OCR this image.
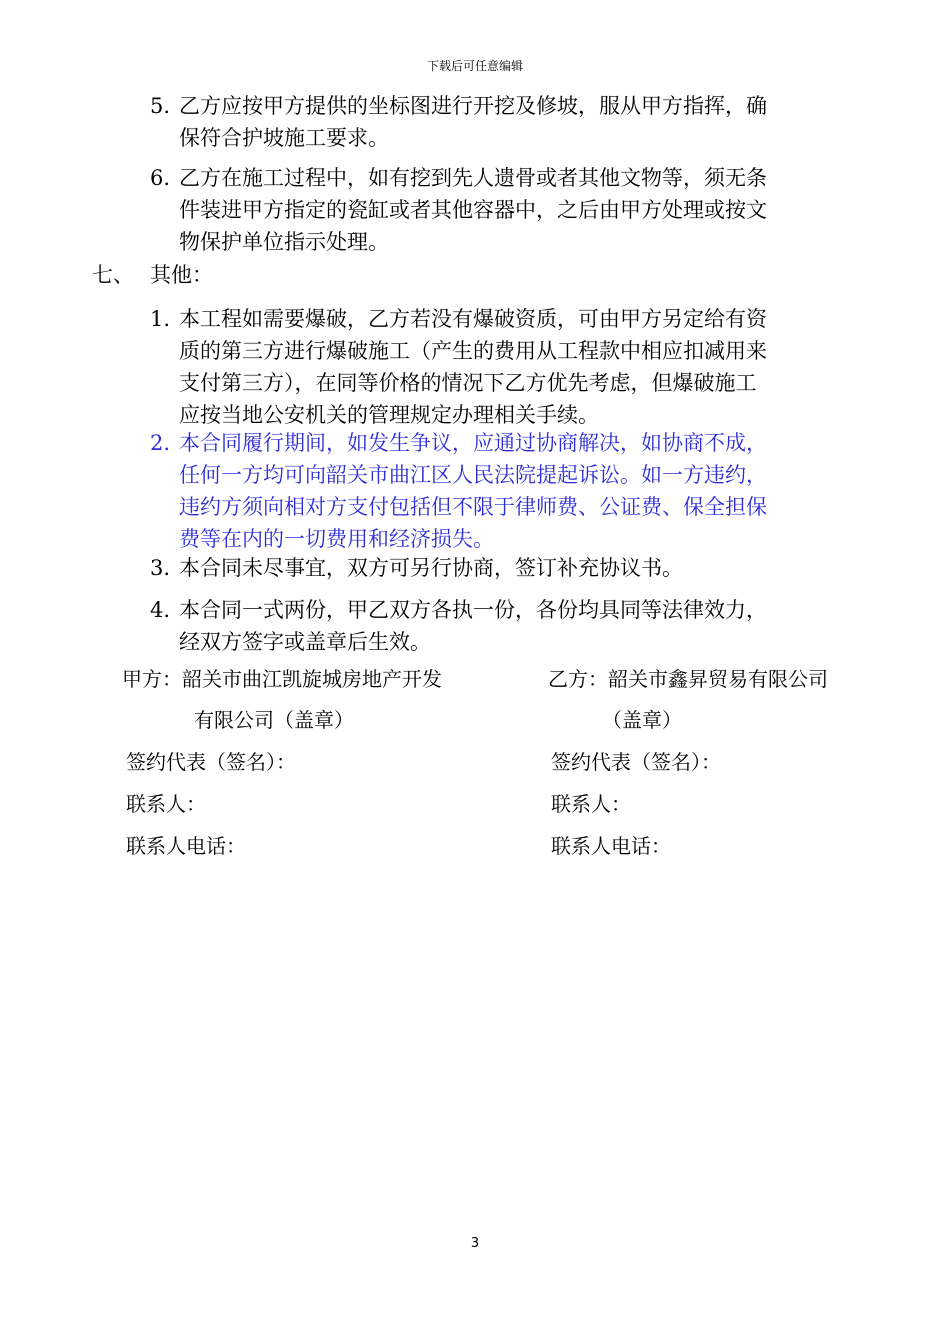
下载后可任意编辑
5. 乙方应按甲方提供的坐标图进行开挖及修坡，服从甲方指挥，确
保符合护坡施工要求。
6. 乙方在施工过程中，如有挖到先人遗骨或者其他文物等，须无条
件装进甲方指定的瓷缸或者其他容器中，之后由甲方处理或按文
物保护单位指示处理。
七、 其他：
1. 本工程如需要爆破，乙方若没有爆破资质，可由甲方另定给有资
质的第三方进行爆破施工（产生的费用从工程款中相应扣减用来
支付第三方），在同等价格的情况下乙方优先考虑，但爆破施工
应按当地公安机关的管理规定办理相关手续。
2. 本合同履行期间，如发生争议，应通过协商解决，如协商不成，
任何一方均可向韶关市曲江区人民法院提起诉讼。如一方违约，
违约方须向相对方支付包括但不限于律师费、公证费、保全担保
费等在内的一切费用和经济损失。
3. 本合同未尽事宜，双方可另行协商，签订补充协议书。
4. 本合同一式两份，甲乙双方各执一份，各份均具同等法律效力，
经双方签字或盖章后生效。
甲方：韶关市曲江凯旋城房地产开发
有限公司（盖章）
签约代表（签名）：
联系人：
联系人电话：
乙方：韶关市鑫昇贸易有限公司
（盖章）
签约代表（签名）：
联系人：
联系人电话：
3
